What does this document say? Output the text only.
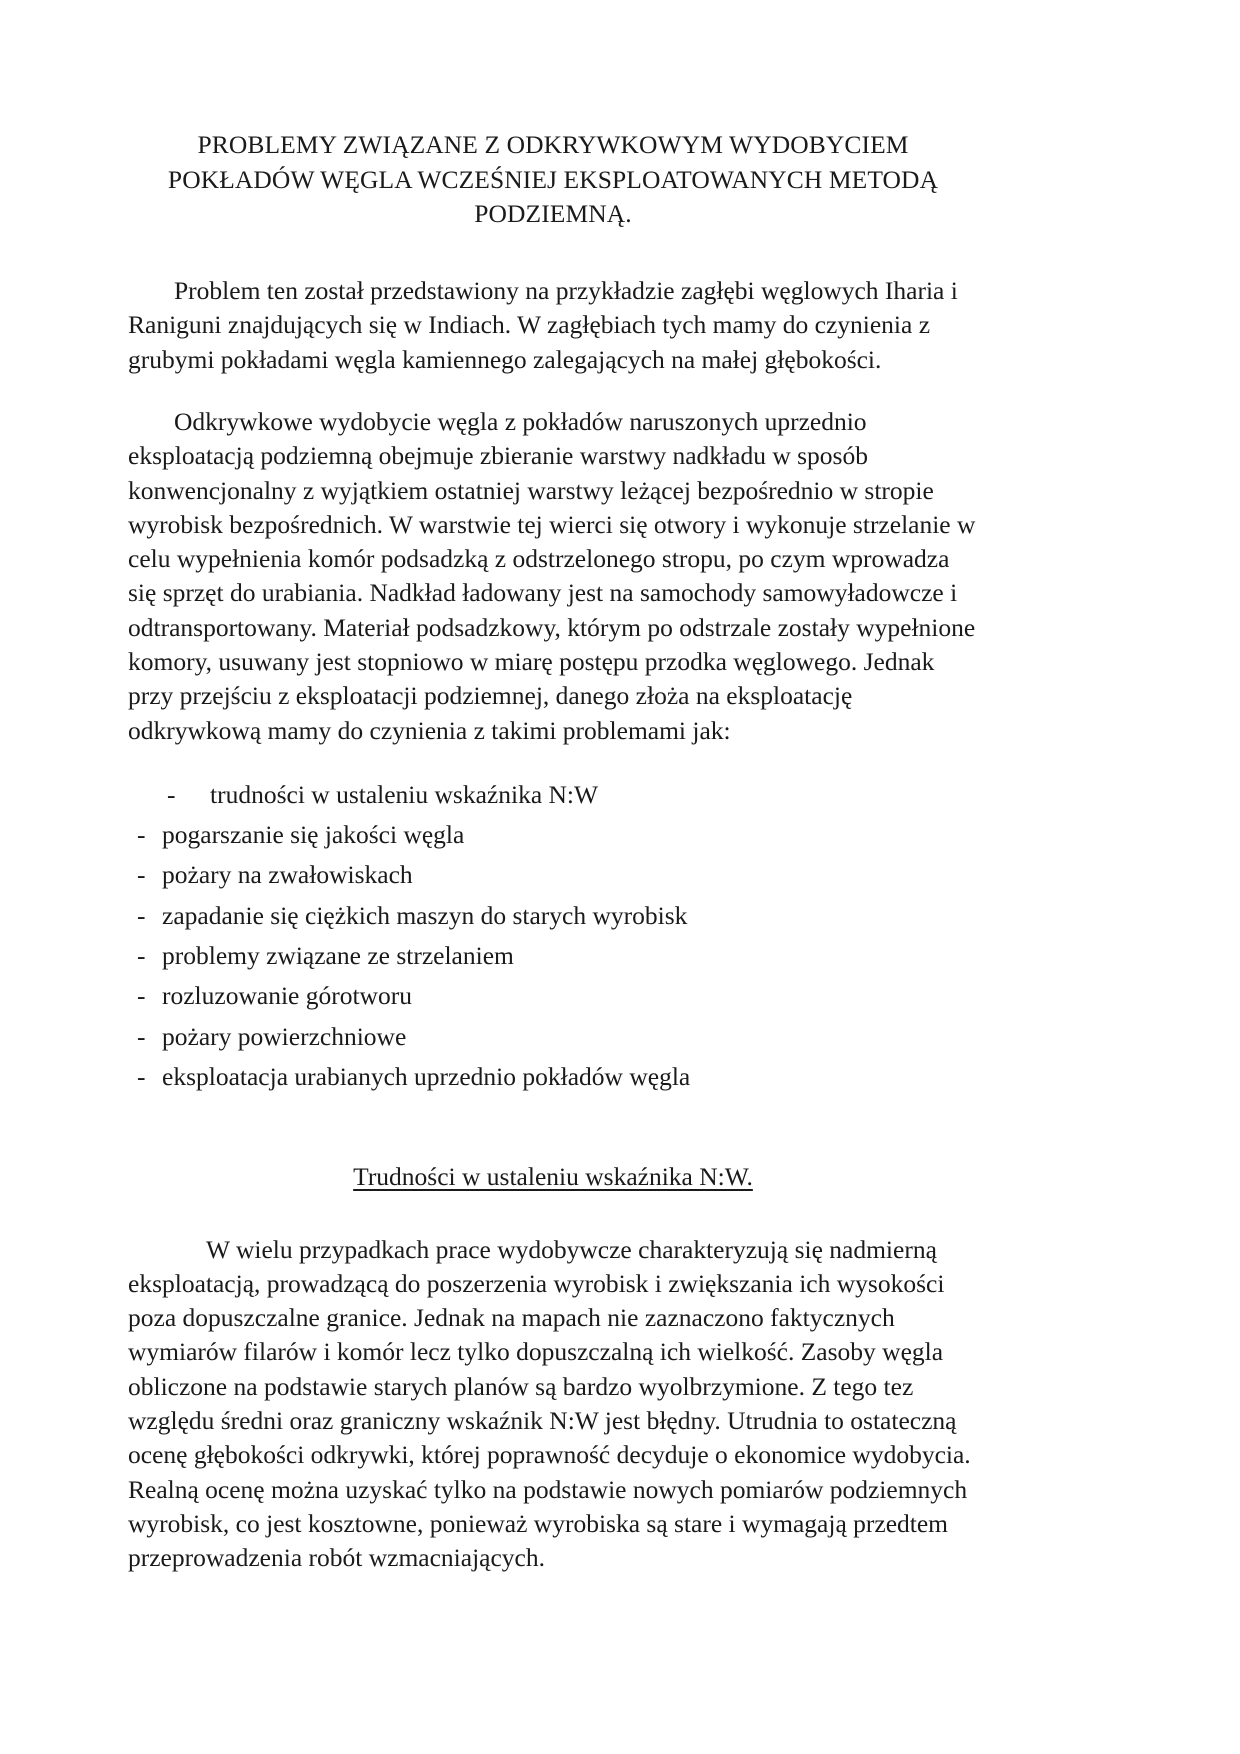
PROBLEMY ZWIĄZANE Z ODKRYWKOWYM WYDOBYCIEM
POKŁADÓW WĘGLA WCZEŚNIEJ EKSPLOATOWANYCH METODĄ
PODZIEMNĄ.

Problem ten został przedstawiony na przykładzie zagłębi węglowych Iharia i Raniguni znajdujących się w Indiach. W zagłębiach tych mamy do czynienia z grubymi pokładami węgla kamiennego zalegających na małej głębokości.

Odkrywkowe wydobycie węgla z pokładów naruszonych uprzednio eksploatacją podziemną obejmuje zbieranie warstwy nadkładu w sposób konwencjonalny z wyjątkiem ostatniej warstwy leżącej bezpośrednio w stropie wyrobisk bezpośrednich. W warstwie tej wierci się otwory i wykonuje strzelanie w celu wypełnienia komór podsadzką z odstrzelonego stropu, po czym wprowadza się sprzęt do urabiania. Nadkład ładowany jest na samochody samowyładowcze i odtransportowany. Materiał podsadzkowy, którym po odstrzale zostały wypełnione komory, usuwany jest stopniowo w miarę postępu przodka węglowego. Jednak przy przejściu z eksploatacji podziemnej, danego złoża na eksploatację odkrywkową mamy do czynienia z takimi problemami jak:

- trudności w ustaleniu wskaźnika N:W
- pogarszanie się jakości węgla
- pożary na zwałowiskach
- zapadanie się ciężkich maszyn do starych wyrobisk
- problemy związane ze strzelaniem
- rozluzowanie górotworu
- pożary powierzchniowe
- eksploatacja urabianych uprzednio pokładów węgla
Trudności w ustaleniu wskaźnika N:W.

W wielu przypadkach prace wydobywcze charakteryzują się nadmierną eksploatacją, prowadzącą do poszerzenia wyrobisk i zwiększania ich wysokości poza dopuszczalne granice. Jednak na mapach nie zaznaczono faktycznych wymiarów filarów i komór lecz tylko dopuszczalną ich wielkość. Zasoby węgla obliczone na podstawie starych planów są bardzo wyolbrzymione. Z tego tez względu średni oraz graniczny wskaźnik N:W jest błędny. Utrudnia to ostateczną ocenę głębokości odkrywki, której poprawność decyduje o ekonomice wydobycia. Realną ocenę można uzyskać tylko na podstawie nowych pomiarów podziemnych wyrobisk, co jest kosztowne, ponieważ wyrobiska są stare i wymagają przedtem przeprowadzenia robót wzmacniających.
